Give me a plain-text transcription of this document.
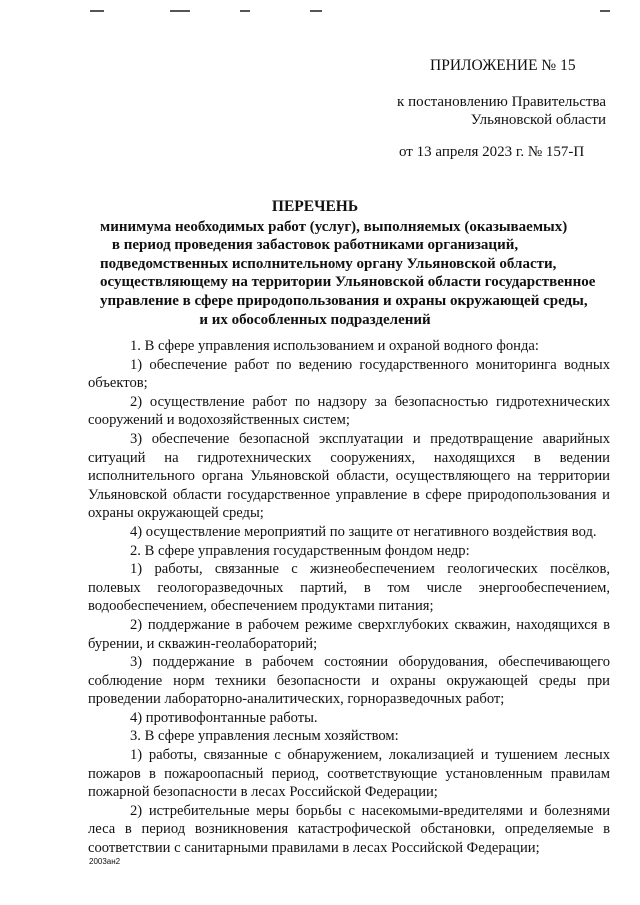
ПРИЛОЖЕНИЕ № 15
к постановлению Правительства
Ульяновской области
от 13 апреля 2023 г. № 157-П
ПЕРЕЧЕНЬ
минимума необходимых работ (услуг), выполняемых (оказываемых)
в период проведения забастовок работниками организаций,
подведомственных исполнительному органу Ульяновской области,
осуществляющему на территории Ульяновской области государственное
управление в сфере природопользования и охраны окружающей среды,
и их обособленных подразделений

1. В сфере управления использованием и охраной водного фонда:

1) обеспечение работ по ведению государственного мониторинга водных объектов;

2) осуществление работ по надзору за безопасностью гидротехнических сооружений и водохозяйственных систем;

3) обеспечение безопасной эксплуатации и предотвращение аварийных ситуаций на гидротехнических сооружениях, находящихся в ведении исполнительного органа Ульяновской области, осуществляющего на территории Ульяновской области государственное управление в сфере природопользования и охраны окружающей среды;

4) осуществление мероприятий по защите от негативного воздействия вод.

2. В сфере управления государственным фондом недр:

1) работы, связанные с жизнеобеспечением геологических посёлков, полевых геологоразведочных партий, в том числе энергообеспечением, водообеспечением, обеспечением продуктами питания;

2) поддержание в рабочем режиме сверхглубоких скважин, находящихся в бурении, и скважин-геолабораторий;

3) поддержание в рабочем состоянии оборудования, обеспечивающего соблюдение норм техники безопасности и охраны окружающей среды при проведении лабораторно-аналитических, горноразведочных работ;

4) противофонтанные работы.

3. В сфере управления лесным хозяйством:

1) работы, связанные с обнаружением, локализацией и тушением лесных пожаров в пожароопасный период, соответствующие установленным правилам пожарной безопасности в лесах Российской Федерации;

2) истребительные меры борьбы с насекомыми-вредителями и болезнями леса в период возникновения катастрофической обстановки, определяемые в соответствии с санитарными правилами в лесах Российской Федерации;

2003ан2
